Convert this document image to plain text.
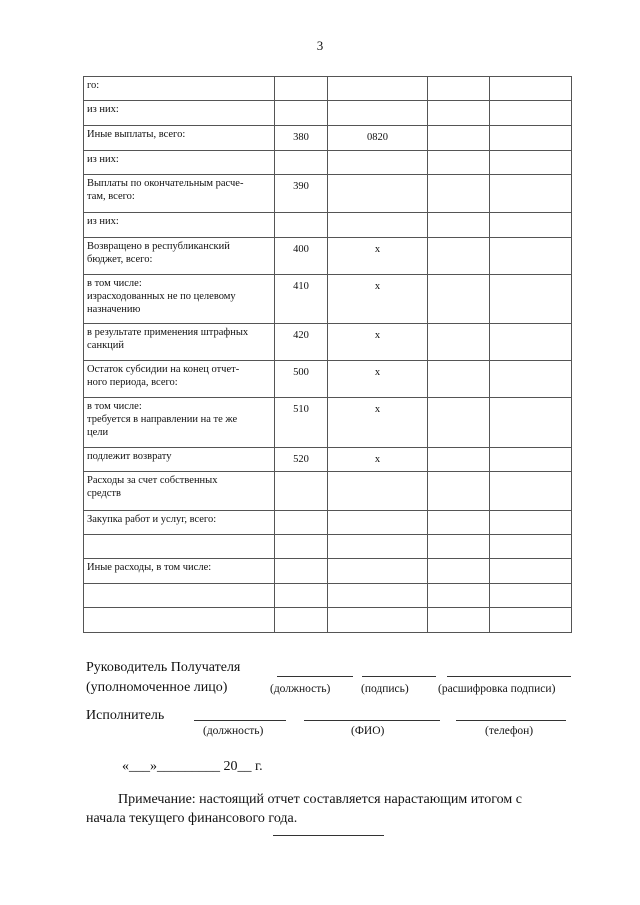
3
го:				
из них:				
Иные выплаты, всего:	380	0820		
из них:				
Выплаты по окончательным расче-
там, всего:	390			
из них:				
Возвращено в республиканский
бюджет, всего:	400	x		
в том числе:
израсходованных не по целевому
назначению	410	x		
в результате применения штрафных
санкций	420	x		
Остаток субсидии на конец отчет-
ного периода, всего:	500	x		
в том числе:
требуется в направлении на те же
цели	510	x		
подлежит возврату	520	x		
Расходы за счет собственных
средств				
Закупка работ и услуг, всего:				

Иные расходы, в том числе:				

Руководитель Получателя
(уполномоченное лицо)	(должность)	(подпись)	(расшифровка подписи)
Исполнитель
(должность)	(ФИО)	(телефон)
«___»_________ 20__ г.
Примечание: настоящий отчет составляется нарастающим итогом с начала текущего финансового года.
